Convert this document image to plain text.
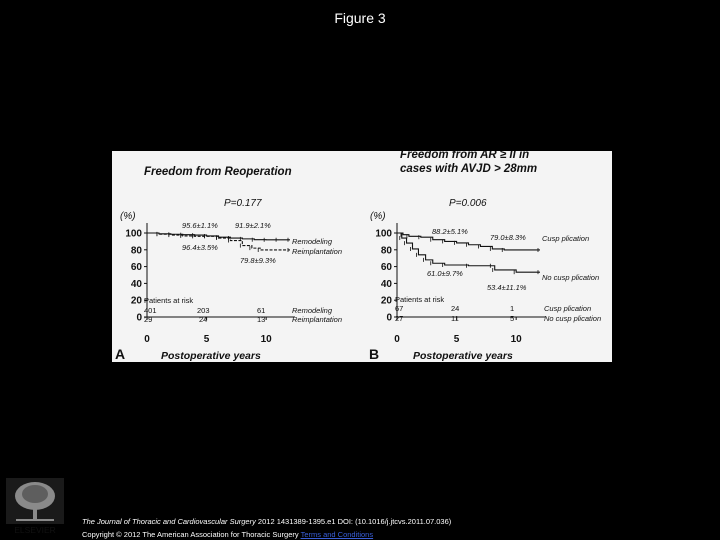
Figure 3
Freedom from Reoperation
P=0.177
(%)
95.6±1.1% 91.9±2.1%
96.4±3.5%
79.8±9.3%
Remodeling
Reimplantation
Patients at risk
401	203	61	Remodeling
29	24	13	Reimplantation
A	Postoperative years
Freedom from AR ≥ II in
cases with AVJD > 28mm
P=0.006
(%)
88.2±5.1%
79.0±8.3%
61.0±9.7%
53.4±11.1%
Cusp plication
No cusp plication
Patients at risk
67	24	1	Cusp plication
27	11	5	No cusp plication
B	Postoperative years
100
80
60
40
20
0
0	5	10
100
80
60
40
20
0
0	5	10
ELSEVIER
The Journal of Thoracic and Cardiovascular Surgery 2012 1431389-1395.e1 DOI: (10.1016/j.jtcvs.2011.07.036)
Copyright © 2012 The American Association for Thoracic Surgery Terms and Conditions
